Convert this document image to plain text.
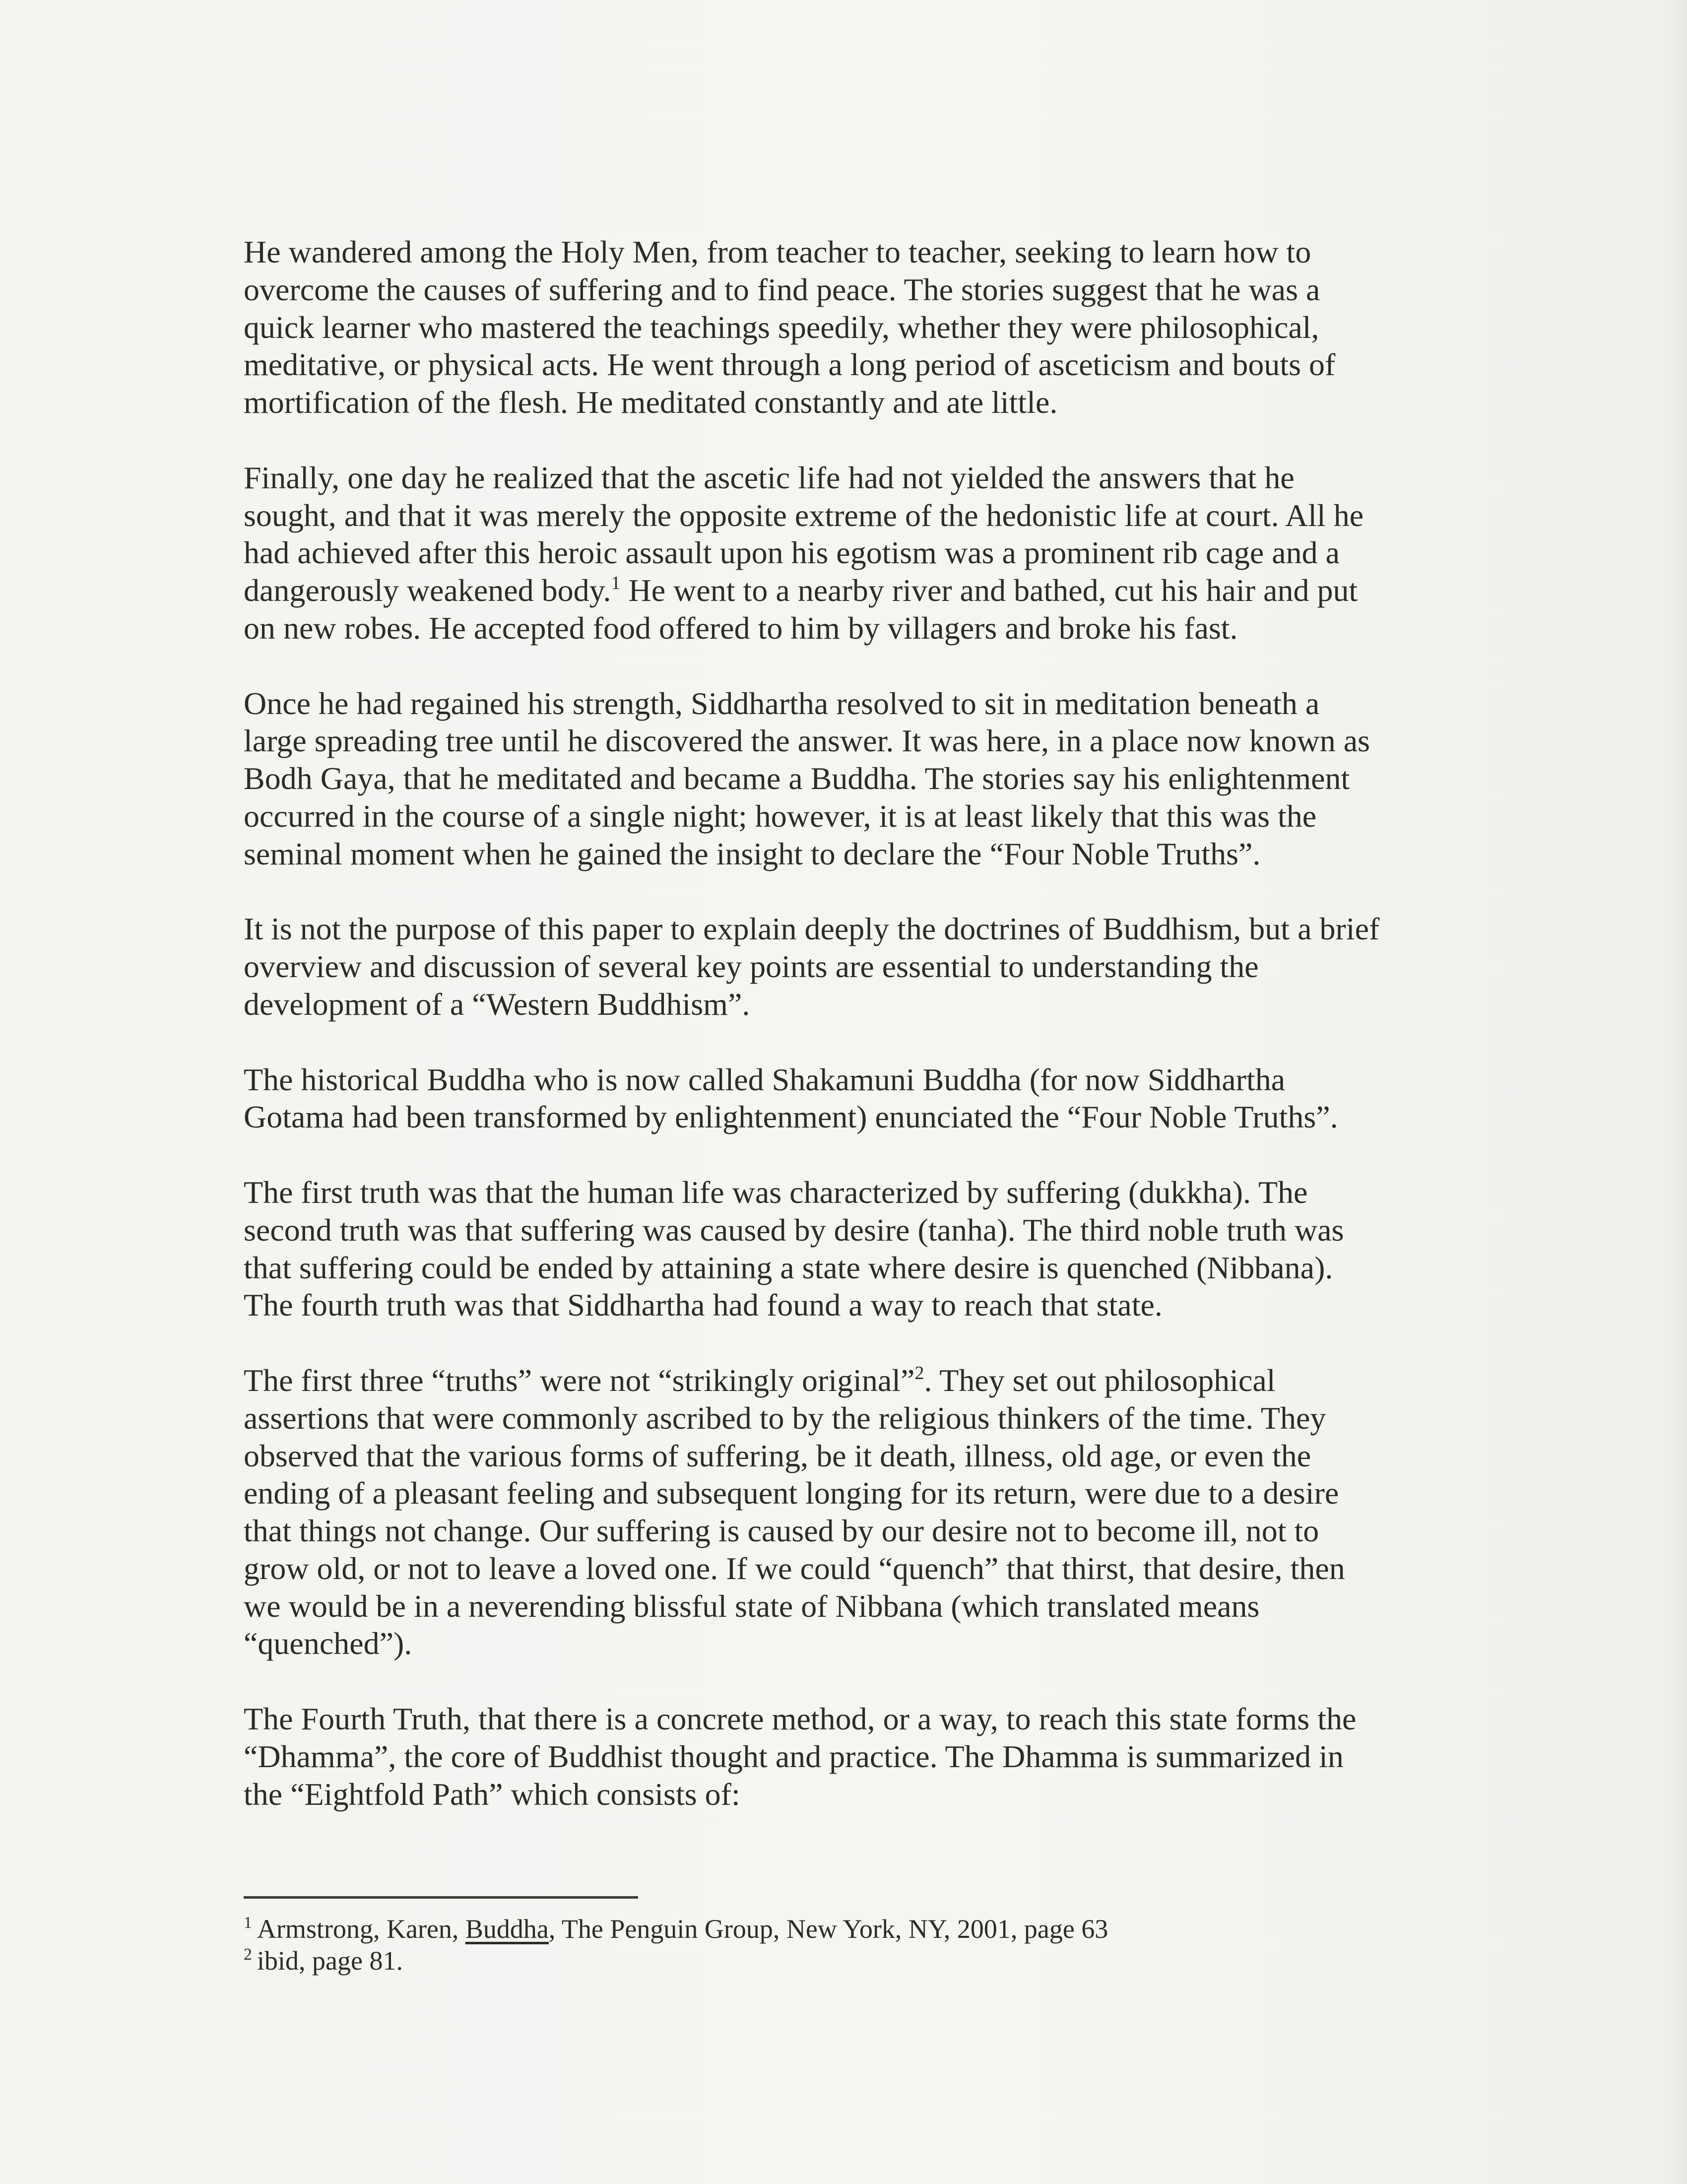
He wandered among the Holy Men, from teacher to teacher, seeking to learn how to
overcome the causes of suffering and to find peace. The stories suggest that he was a
quick learner who mastered the teachings speedily, whether they were philosophical,
meditative, or physical acts. He went through a long period of asceticism and bouts of
mortification of the flesh. He meditated constantly and ate little.
Finally, one day he realized that the ascetic life had not yielded the answers that he
sought, and that it was merely the opposite extreme of the hedonistic life at court. All he
had achieved after this heroic assault upon his egotism was a prominent rib cage and a
dangerously weakened body.$^1$ He went to a nearby river and bathed, cut his hair and put
on new robes. He accepted food offered to him by villagers and broke his fast.
Once he had regained his strength, Siddhartha resolved to sit in meditation beneath a
large spreading tree until he discovered the answer. It was here, in a place now known as
Bodh Gaya, that he meditated and became a Buddha. The stories say his enlightenment
occurred in the course of a single night; however, it is at least likely that this was the
seminal moment when he gained the insight to declare the “Four Noble Truths”.
It is not the purpose of this paper to explain deeply the doctrines of Buddhism, but a brief
overview and discussion of several key points are essential to understanding the
development of a “Western Buddhism”.
The historical Buddha who is now called Shakamuni Buddha (for now Siddhartha
Gotama had been transformed by enlightenment) enunciated the “Four Noble Truths”.
The first truth was that the human life was characterized by suffering (dukkha). The
second truth was that suffering was caused by desire (tanha). The third noble truth was
that suffering could be ended by attaining a state where desire is quenched (Nibbana).
The fourth truth was that Siddhartha had found a way to reach that state.
The first three “truths” were not “strikingly original”$^2$. They set out philosophical
assertions that were commonly ascribed to by the religious thinkers of the time. They
observed that the various forms of suffering, be it death, illness, old age, or even the
ending of a pleasant feeling and subsequent longing for its return, were due to a desire
that things not change. Our suffering is caused by our desire not to become ill, not to
grow old, or not to leave a loved one. If we could “quench” that thirst, that desire, then
we would be in a neverending blissful state of Nibbana (which translated means
“quenched”).
The Fourth Truth, that there is a concrete method, or a way, to reach this state forms the
“Dhamma”, the core of Buddhist thought and practice. The Dhamma is summarized in
the “Eightfold Path” which consists of:
$^1$ Armstrong, Karen, Buddha, The Penguin Group, New York, NY, 2001, page 63
$^2$ ibid, page 81.
